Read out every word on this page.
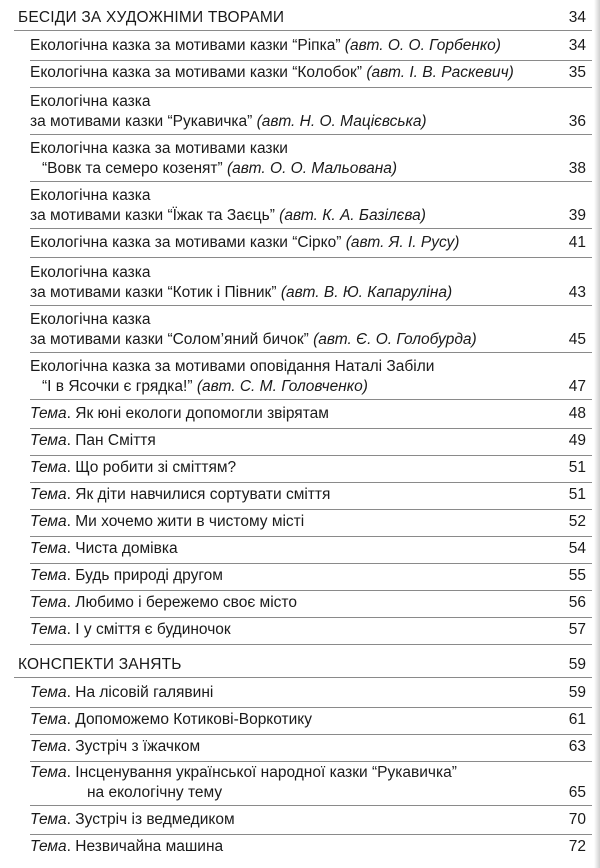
БЕСІДИ ЗА ХУДОЖНІМИ ТВОРАМИ	34
Екологічна казка за мотивами казки “Ріпка” (авт. О. О. Горбенко)	34
Екологічна казка за мотивами казки “Колобок” (авт. І. В. Раскевич)	35
Екологічна казка
за мотивами казки “Рукавичка” (авт. Н. О. Мацієвська)	36
Екологічна казка за мотивами казки
“Вовк та семеро козенят” (авт. О. О. Мальована)	38
Екологічна казка
за мотивами казки “Їжак та Заєць” (авт. К. А. Базілєва)	39
Екологічна казка за мотивами казки “Сірко” (авт. Я. І. Русу)	41
Екологічна казка
за мотивами казки “Котик і Півник” (авт. В. Ю. Капаруліна)	43
Екологічна казка
за мотивами казки “Солом’яний бичок” (авт. Є. О. Голобурда)	45
Екологічна казка за мотивами оповідання Наталі Забіли
“І в Ясочки є грядка!” (авт. С. М. Головченко)	47
Тема. Як юні екологи допомогли звірятам	48
Тема. Пан Сміття	49
Тема. Що робити зі сміттям?	51
Тема. Як діти навчилися сортувати сміття	51
Тема. Ми хочемо жити в чистому місті	52
Тема. Чиста домівка	54
Тема. Будь природі другом	55
Тема. Любимо і бережемо своє місто	56
Тема. І у сміття є будиночок	57
КОНСПЕКТИ ЗАНЯТЬ	59
Тема. На лісовій галявині	59
Тема. Допоможемо Котикові-Воркотику	61
Тема. Зустріч з їжачком	63
Тема. Інсценування української народної казки “Рукавичка”
на екологічну тему	65
Тема. Зустріч із ведмедиком	70
Тема. Незвичайна машина	72
